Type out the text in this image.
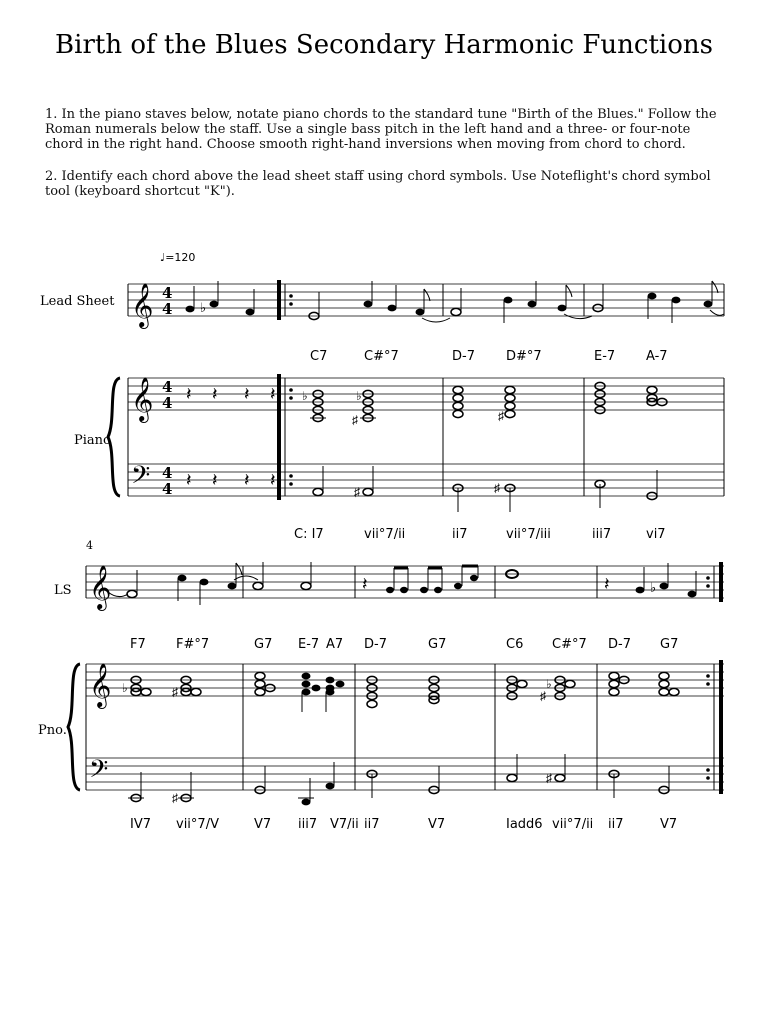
Birth of the Blues Secondary Harmonic Functions
1. In the piano staves below, notate piano chords to the standard tune "Birth of the Blues." Follow the Roman numerals below the staff. Use a single bass pitch in the left hand and a three- or four-note chord in the right hand. Choose smooth right-hand inversions when moving from chord to chord.
2. Identify each chord above the lead sheet staff using chord symbols. Use Noteflight's chord symbol tool (keyboard shortcut "K").
♩=120
Lead Sheet
Piano
𝄞
𝄞
𝄢
4
4
4
4
4
4
♭
𝄽 𝄽 𝄽 𝄽
𝄽 𝄽 𝄽 𝄽
♭	♭
♯	♯
♯	♯
C7	C#°7	D-7 D#°7	E-7 A-7
C: I7	vii°7/ii	ii7	vii°7/iii	iii7	vi7
4
LS
Pno.
𝄞
𝄞
𝄢
𝄽	𝄽	♭
♭	♯
♭
♯
♯
♯
F7 F#°7	G7 E-7 A7 D-7	G7	C6 C#°7 D-7 G7
IV7 vii°7/V	V7 iii7 V7/ii ii7	V7	Iadd6 vii°7/ii ii7	V7
